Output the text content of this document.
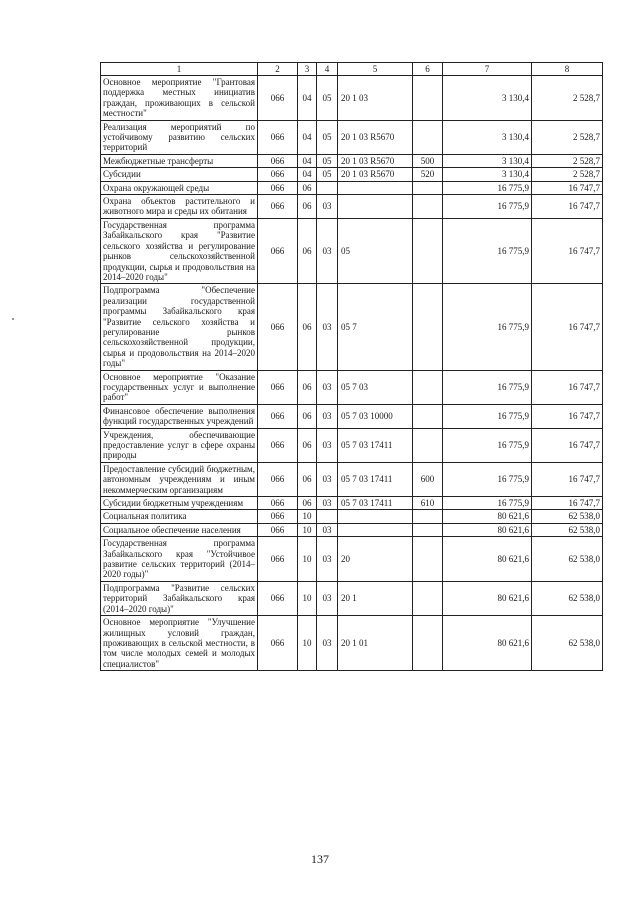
1	2	3	4	5	6	7	8
Основное мероприятие "Грантовая поддержка местных инициатив граждан, проживающих в сельской местности"	066	04	05	20 1 03		3 130,4	2 528,7
Реализация мероприятий по устойчивому развитию сельских территорий	066	04	05	20 1 03 R5670		3 130,4	2 528,7
Межбюджетные трансферты	066	04	05	20 1 03 R5670	500	3 130,4	2 528,7
Субсидии	066	04	05	20 1 03 R5670	520	3 130,4	2 528,7
Охрана окружающей среды	066	06				16 775,9	16 747,7
Охрана объектов растительного и животного мира и среды их обитания	066	06	03			16 775,9	16 747,7
Государственная программа Забайкальского края "Развитие сельского хозяйства и регулирование рынков сельскохозяйственной продукции, сырья и продовольствия на 2014–2020 годы"	066	06	03	05		16 775,9	16 747,7
Подпрограмма "Обеспечение реализации государственной программы Забайкальского края "Развитие сельского хозяйства и регулирование рынков сельскохозяйственной продукции, сырья и продовольствия на 2014–2020 годы"	066	06	03	05 7		16 775,9	16 747,7
Основное мероприятие "Оказание государственных услуг и выполнение работ"	066	06	03	05 7 03		16 775,9	16 747,7
Финансовое обеспечение выполнения функций государственных учреждений	066	06	03	05 7 03 10000		16 775,9	16 747,7
Учреждения, обеспечивающие предоставление услуг в сфере охраны природы	066	06	03	05 7 03 17411		16 775,9	16 747,7
Предоставление субсидий бюджетным, автономным учреждениям и иным некоммерческим организациям	066	06	03	05 7 03 17411	600	16 775,9	16 747,7
Субсидии бюджетным учреждениям	066	06	03	05 7 03 17411	610	16 775,9	16 747,7
Социальная политика	066	10				80 621,6	62 538,0
Социальное обеспечение населения	066	10	03			80 621,6	62 538,0
Государственная программа Забайкальского края "Устойчивое развитие сельских территорий (2014–2020 годы)"	066	10	03	20		80 621,6	62 538,0
Подпрограмма "Развитие сельских территорий Забайкальского края (2014–2020 годы)"	066	10	03	20 1		80 621,6	62 538,0
Основное мероприятие "Улучшение жилищных условий граждан, проживающих в сельской местности, в том числе молодых семей и молодых специалистов"	066	10	03	20 1 01		80 621,6	62 538,0
137
